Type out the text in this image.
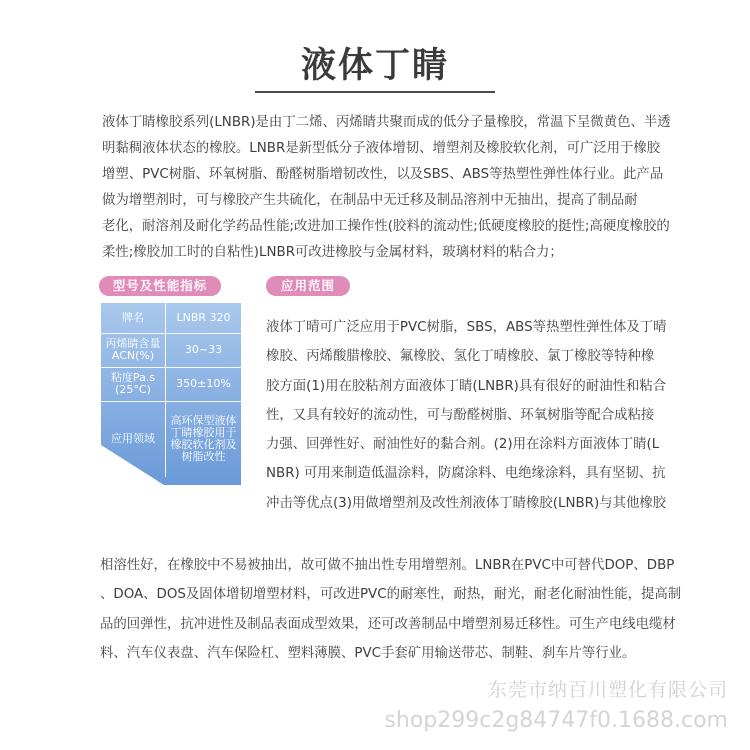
液体丁睛
液体丁睛橡胶系列(LNBR)是由丁二烯、丙烯睛共聚而成的低分子量橡胶，常温下呈微黄色、半透
明黏稠液体状态的橡胶。LNBR是新型低分子液体增韧、增塑剂及橡胶软化剂，可广泛用于橡胶
增塑、PVC树脂、环氧树脂、酚醛树脂增韧改性，以及SBS、ABS等热塑性弹性体行业。此产品
做为增塑剂时，可与橡胶产生共硫化，在制品中无迁移及制品溶剂中无抽出，提高了制品耐
老化，耐溶剂及耐化学药品性能;改进加工操作性(胶料的流动性;低硬度橡胶的挺性;高硬度橡胶的
柔性;橡胶加工时的自粘性)LNBR可改进橡胶与金属材料，玻璃材料的粘合力；
型号及性能指标	应用范围
牌名	LNBR 320
丙烯睛含量ACN(%)	30~33
粘度Pa.s (25°C)	350±10%
应用领域	高环保型液体丁睛橡胶用于橡胶软化剂及树脂改性
液体丁晴可广泛应用于PVC树脂，SBS，ABS等热塑性弹性体及丁晴
橡胶、丙烯酸腊橡胶、氟橡胶、氢化丁晴橡胶、氯丁橡胶等特种橡
胶方面(1)用在胶粘剂方面液体丁睛(LNBR)具有很好的耐油性和粘合
性，又具有较好的流动性，可与酚醛树脂、环氧树脂等配合成粘接
力强、回弹性好、耐油性好的黏合剂。(2)用在涂料方面液体丁睛(L
NBR) 可用来制造低温涂料，防腐涂料、电绝缘涂料，具有坚韧、抗
冲击等优点(3)用做增塑剂及改性剂液体丁睛橡胶(LNBR)与其他橡胶
相溶性好，在橡胶中不易被抽出，故可做不抽出性专用增塑剂。LNBR在PVC中可替代DOP、DBP
、DOA、DOS及固体增韧增塑材料，可改进PVC的耐寒性，耐热，耐光，耐老化耐油性能，提高制
品的回弹性，抗冲进性及制品表面成型效果，还可改善制品中增塑剂易迁移性。可生产电线电缆材
料、汽车仪表盘、汽车保险杠、塑料薄膜、PVC手套矿用输送带芯、制鞋、刹车片等行业。
东莞市纳百川塑化有限公司
shop299c2g84747f0.1688.com
